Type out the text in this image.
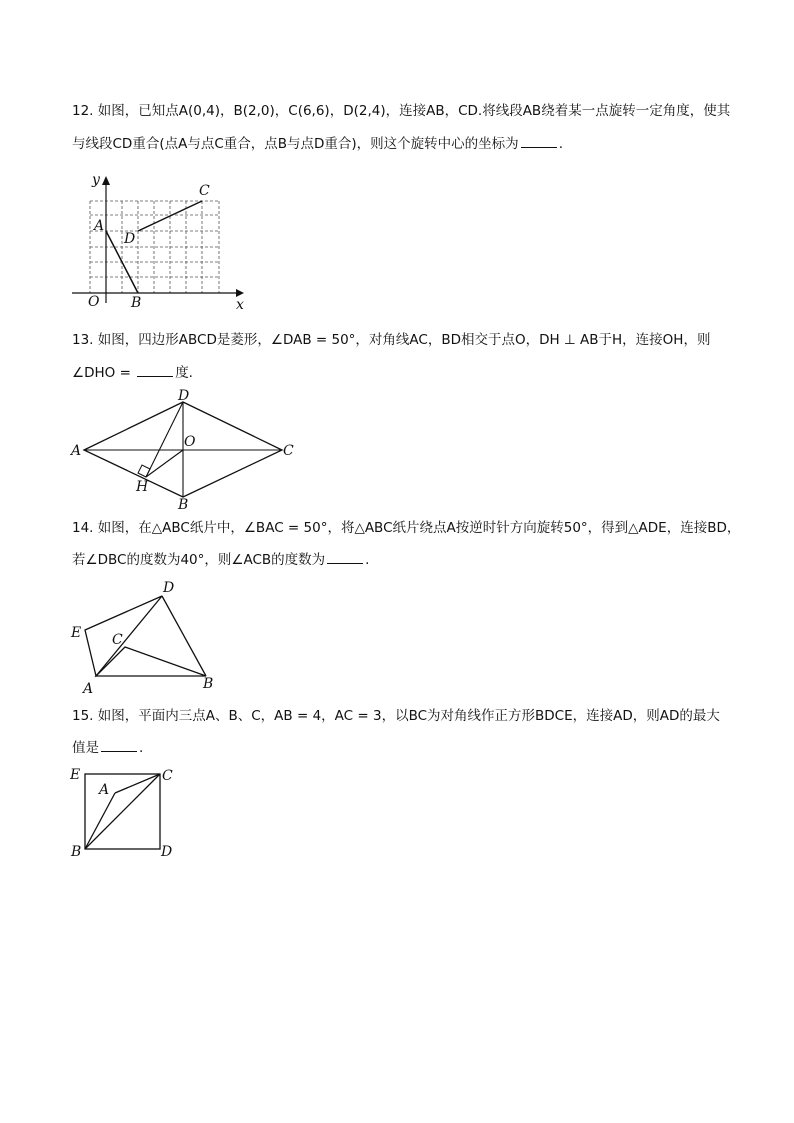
12. 如图，已知点A(0,4)，B(2,0)，C(6,6)，D(2,4)，连接AB，CD.将线段AB绕着某一点旋转一定角度，使其
与线段CD重合(点A与点C重合，点B与点D重合)，则这个旋转中心的坐标为	.
y
x
O
A
B
C
D
13. 如图，四边形ABCD是菱形，∠DAB = 50°，对角线AC，BD相交于点O，DH ⊥ AB于H，连接OH，则
∠DHO =	度.
A
D
C
B
O
H
14. 如图，在△ABC纸片中，∠BAC = 50°，将△ABC纸片绕点A按逆时针方向旋转50°，得到△ADE，连接BD，
若∠DBC的度数为40°，则∠ACB的度数为	.
E
D
C
A	B
15. 如图，平面内三点A、B、C，AB = 4，AC = 3，以BC为对角线作正方形BDCE，连接AD，则AD的最大
值是	.
E	C
A
B	D
